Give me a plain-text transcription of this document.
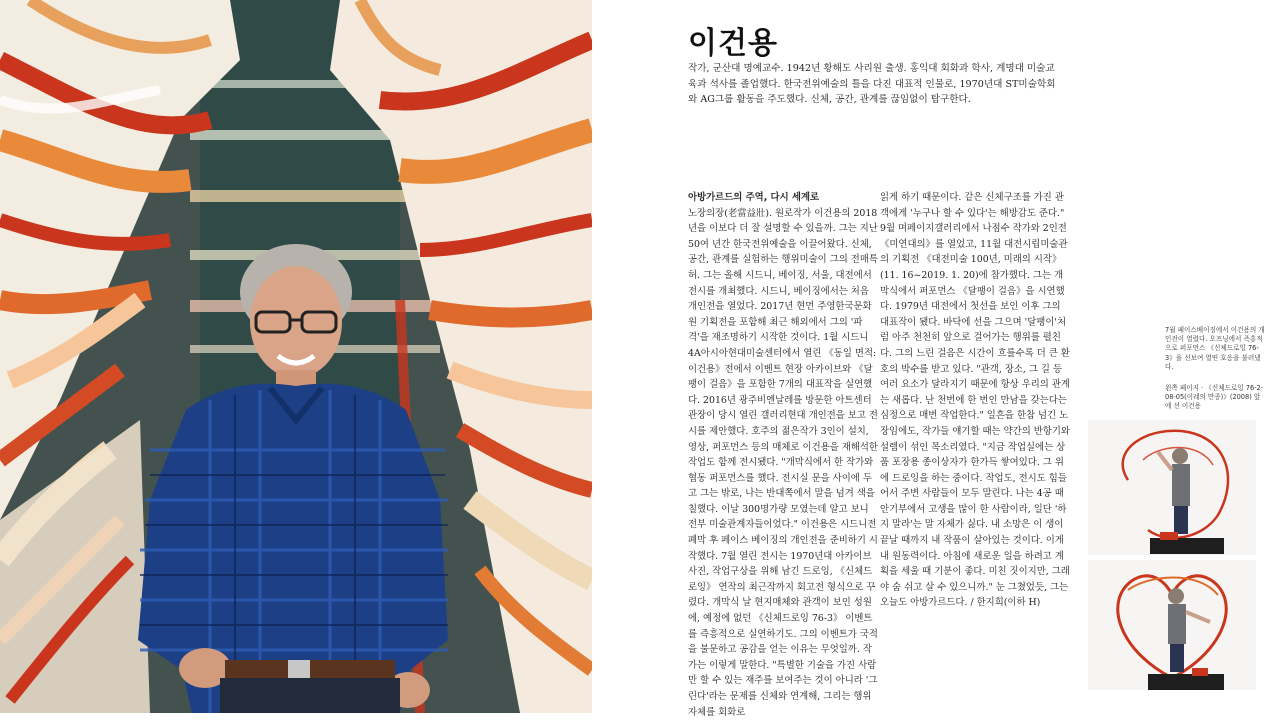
이건용

작가, 군산대 명예교수. 1942년 황해도 사리원 출생. 홍익대 회화과 학사, 계명대 미술교육과 석사를 졸업했다. 한국전위예술의 틀을 다진 대표적 인물로, 1970년대 ST미술학회와 AG그룹 활동을 주도했다. 신체, 공간, 관계를 끊임없이 탐구한다.

아방가르드의 주역, 다시 세계로

노장의장(老當益壯). 원로작가 이건용의 2018년을 이보다 더 잘 설명할 수 있을까. 그는 지난 50여 년간 한국전위예술을 이끌어왔다. 신체, 공간, 관계를 실험하는 행위미술이 그의 전매특허. 그는 올해 시드니, 베이징, 서울, 대전에서 전시를 개최했다. 시드니, 베이징에서는 처음 개인전을 열었다. 2017년 현먼 주영한국문화원 기획전을 포함해 최근 해외에서 그의 '파격'을 재조명하기 시작한 것이다. 1월 시드니 4A아시아현대미술센터에서 열린 《동일 면적: 이건용》전에서 이벤트 현장 아카이브와 《달팽이 걸음》을 포함한 7개의 대표작을 실연했다. 2016년 광주비엔날레를 방문한 아트센터 관장이 당시 열린 갤러리현대 개인전을 보고 전시를 제안했다. 호주의 젊은작가 3인이 설치, 영상, 퍼포먼스 등의 매체로 이건용을 재해석한 작업도 함께 전시됐다. "개막식에서 한 작가와 협동 퍼포먼스를 했다. 전시실 문을 사이에 두고 그는 밖로, 나는 반대쪽에서 말을 넘겨 색을 칠했다. 이날 300명가량 모였는데 알고 보니 전부 미술관계자들이었다." 이건용은 시드니전 폐막 후 페이스 베이징의 개인전을 준비하기 시작했다. 7월 열린 전시는 1970년대 아카이브 사진, 작업구상을 위해 남긴 드로잉, 《신체드로잉》 연작의 최근작까지 회고전 형식으로 꾸렸다. 개막식 날 현지매체와 관객이 보인 성원에, 예정에 없던 《신체드로잉 76-3》 이벤트를 즉흥적으로 실연하기도. 그의 이벤트가 국적을 불문하고 공감을 얻는 이유는 무엇일까. 작가는 이렇게 말한다. "특별한 기술을 가진 사람만 할 수 있는 재주를 보여주는 것이 아니라 '그린다'라는 문제를 신체와 연계해, 그리는 행위 자체를 회화로

읽게 하기 때문이다. 같은 신체구조를 가진 관객에게 '누구나 할 수 있다'는 해방감도 준다." 9월 며페이지갤러리에서 나점수 작가와 2인전 《미연대의》를 열었고, 11월 대전시립미술관의 기획전 《대전미술 100년, 미래의 시작》(11. 16~2019. 1. 20)에 참가했다. 그는 개막식에서 퍼포먼스 《달팽이 걸음》을 시연했다. 1979년 대전에서 첫선을 보인 이후 그의 대표작이 됐다. 바닥에 선을 그으며 '달팽이'처럼 아주 천천히 앞으로 걸어가는 행위를 펼친다. 그의 느린 걸음은 시간이 흐를수록 더 큰 환호의 박수를 받고 있다. "관객, 장소, 그 길 등 여러 요소가 달라지기 때문에 항상 우리의 관계는 새롭다. 난 천번에 한 번인 만남을 갖는다는 심정으로 매번 작업한다." 일흔을 한참 넘긴 노장임에도, 작가들 얘기할 때는 약간의 반항기와 설렘이 섞인 목소리였다. "지금 작업실에는 상품 포장용 종이상자가 한가득 쌓여있다. 그 위에 드로잉을 하는 중이다. 작업도, 전시도 힘들어서 주변 사람들이 모두 말린다. 나는 4공 때 안기부에서 고생을 많이 한 사람이라, 일단 '하지 말라'는 말 자체가 싫다. 내 소망은 이 생이 끝날 때까지 내 작품이 살아있는 것이다. 이게 내 원동력이다. 아침에 새로운 일을 하려고 계획을 세울 때 기분이 좋다. 미친 짓이지만, 그래야 숨 쉬고 살 수 있으니까." 눈 그쳤었듯, 그는 오늘도 아방가르드다. / 한지희(이하 H)

7월 페이스베이징에서 이건용의 개인전이 열렸다. 오프닝에서 즉흥적으로 퍼포먼스 《신체드로잉 76-3》을 선보여 열띤 호응을 불러냈다.

왼쪽 페이지 · 《신체드로잉 76-2-08-05(이레의 만종)》(2008) 앞에 선 이건용
